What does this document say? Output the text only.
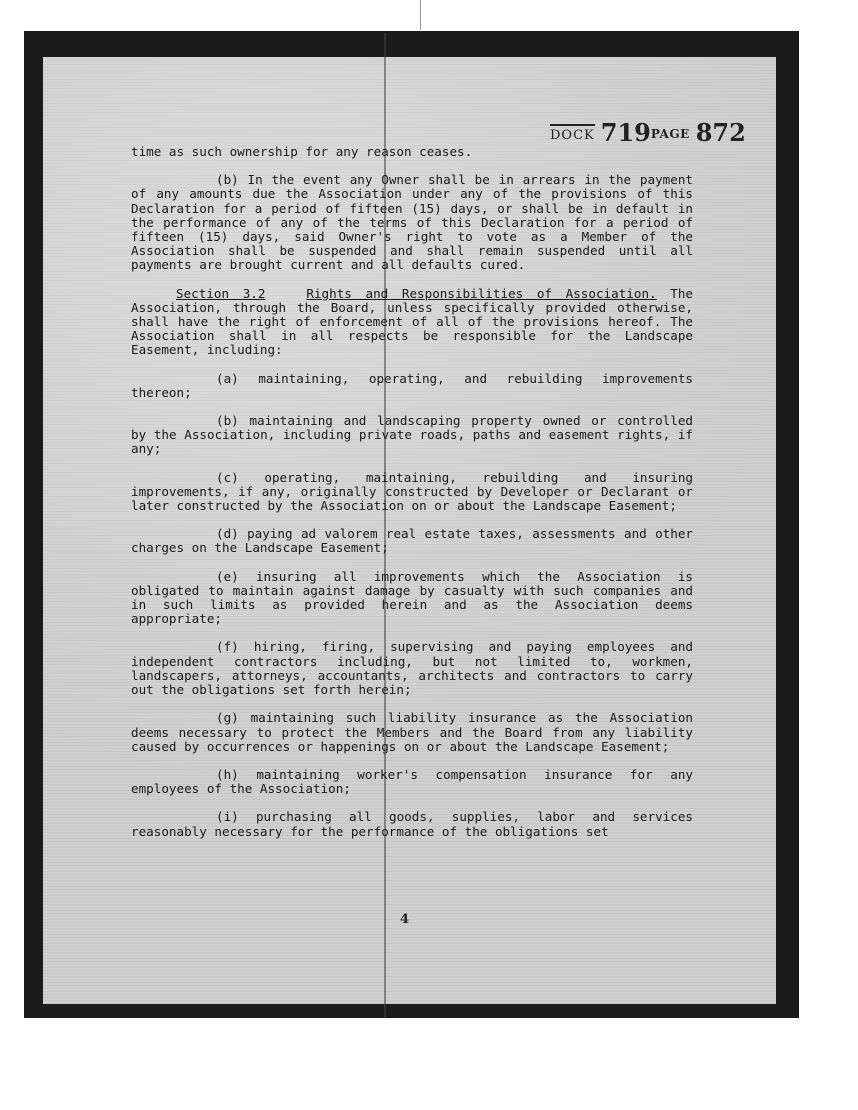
DOCK 719PAGE 872

time as such ownership for any reason ceases.

(b) In the event any Owner shall be in arrears in the payment of any amounts due the Association under any of the provisions of this Declaration for a period of fifteen (15) days, or shall be in default in the performance of any of the terms of this Declaration for a period of fifteen (15) days, said Owner's right to vote as a Member of the Association shall be suspended and shall remain suspended until all payments are brought current and all defaults cured.

Section 3.2	Rights and Responsibilities of Association. The Association, through the Board, unless specifically provided otherwise, shall have the right of enforcement of all of the provisions hereof. The Association shall in all respects be responsible for the Landscape Easement, including:

(a) maintaining, operating, and rebuilding improvements thereon;

(b) maintaining and landscaping property owned or controlled by the Association, including private roads, paths and easement rights, if any;

(c) operating, maintaining, rebuilding and insuring improvements, if any, originally constructed by Developer or Declarant or later constructed by the Association on or about the Landscape Easement;

(d) paying ad valorem real estate taxes, assessments and other charges on the Landscape Easement;

(e) insuring all improvements which the Association is obligated to maintain against damage by casualty with such companies and in such limits as provided herein and as the Association deems appropriate;

(f) hiring, firing, supervising and paying employees and independent contractors including, but not limited to, workmen, landscapers, attorneys, accountants, architects and contractors to carry out the obligations set forth herein;

(g) maintaining such liability insurance as the Association deems necessary to protect the Members and the Board from any liability caused by occurrences or happenings on or about the Landscape Easement;

(h) maintaining worker's compensation insurance for any employees of the Association;

(i) purchasing all goods, supplies, labor and services reasonably necessary for the performance of the obligations set

4
